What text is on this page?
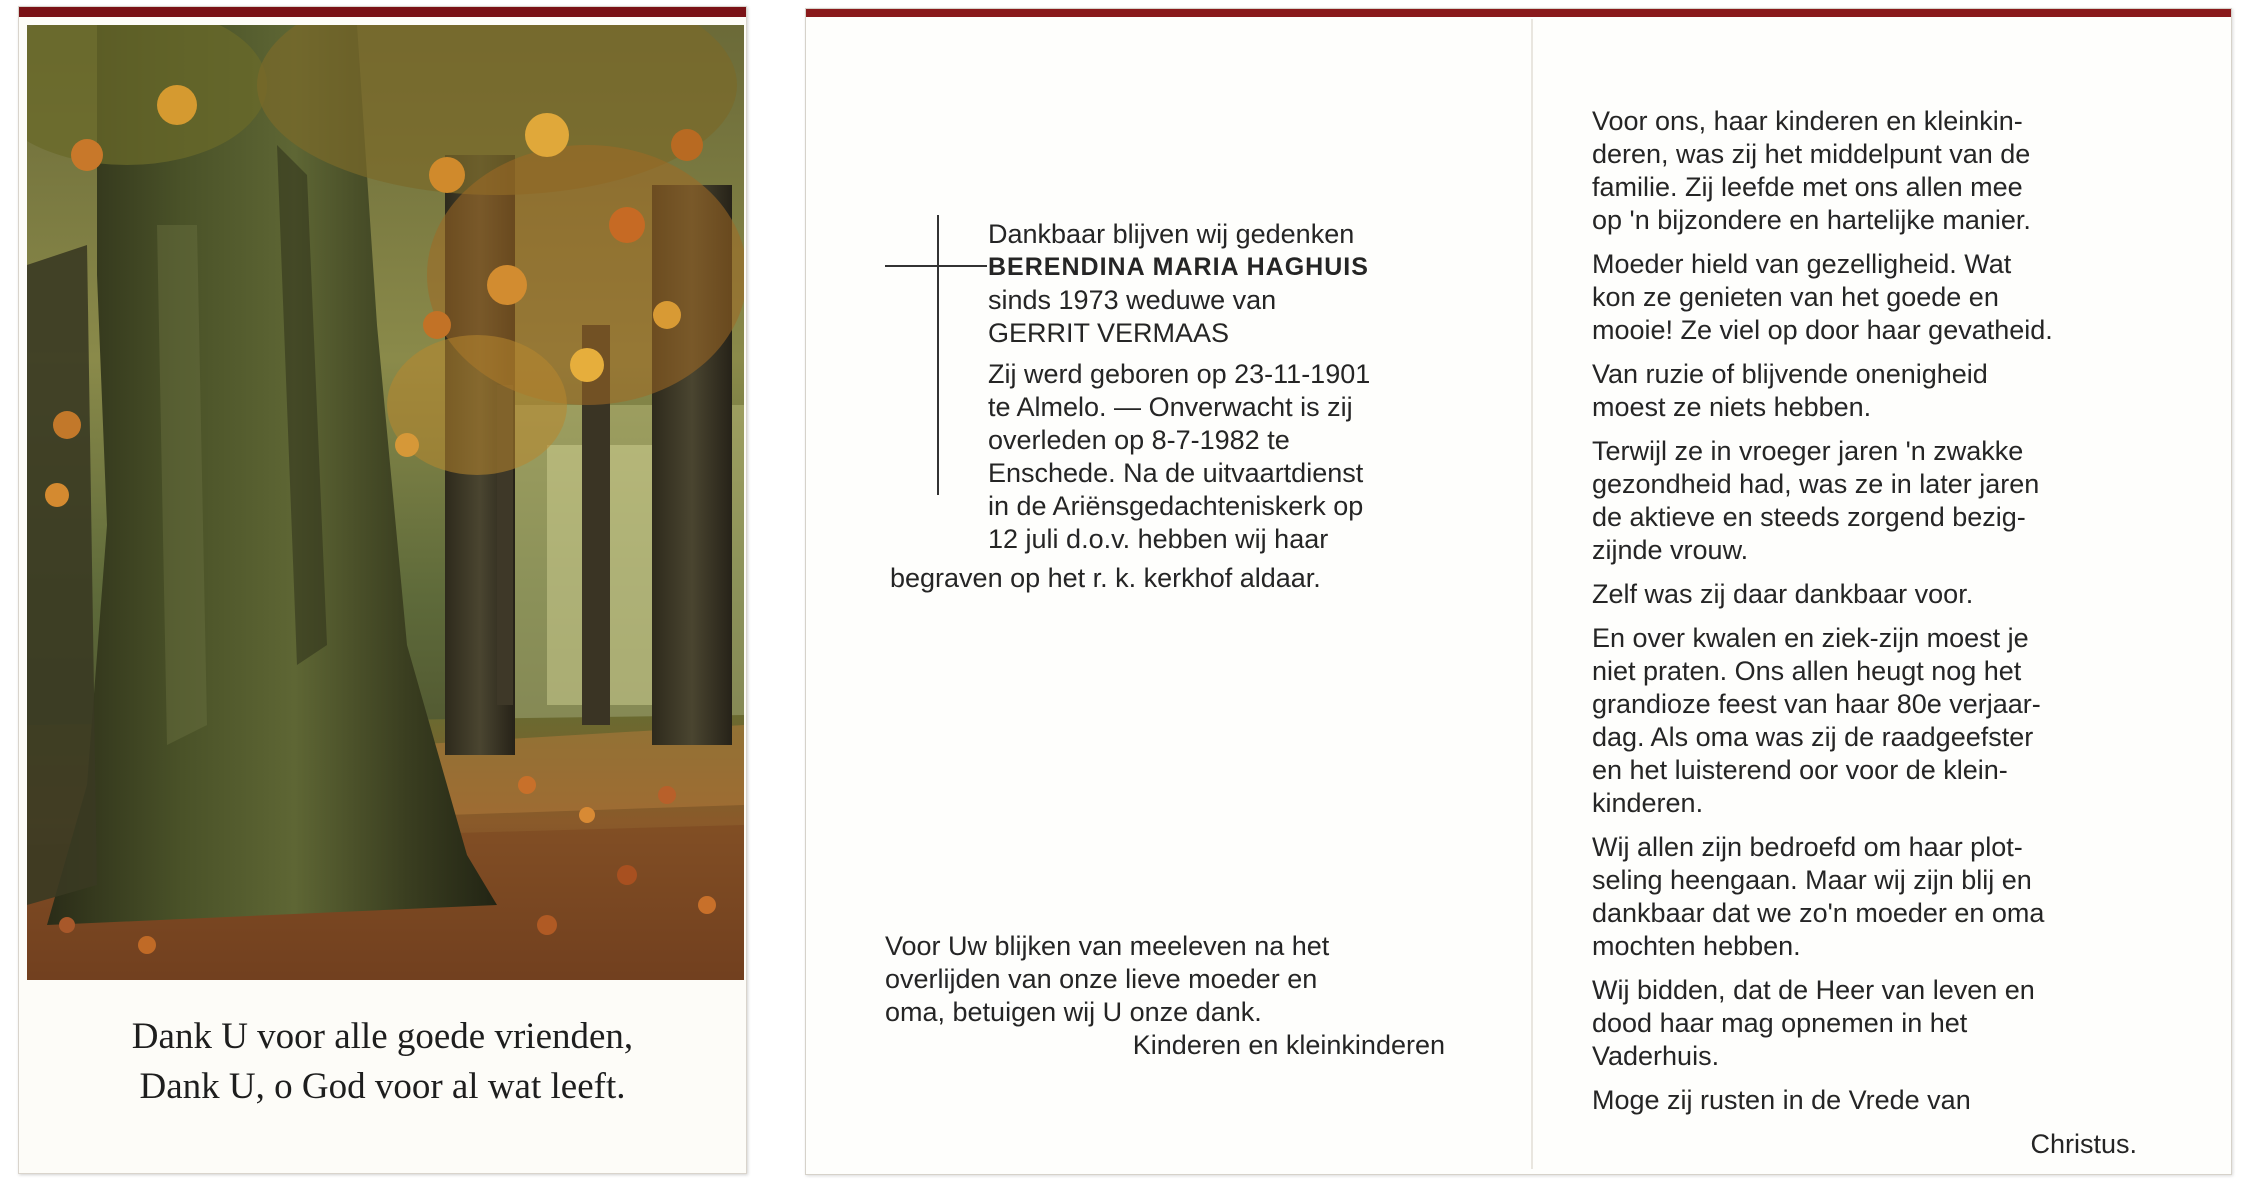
Dank U voor alle goede vrienden,
Dank U, o God voor al wat leeft.
Dankbaar blijven wij gedenken
BERENDINA MARIA HAGHUIS
sinds 1973 weduwe van
GERRIT VERMAAS
Zij werd geboren op 23-11-1901
te Almelo. — Onverwacht is zij
overleden op 8-7-1982 te
Enschede. Na de uitvaartdienst
in de Ariënsgedachteniskerk op
12 juli d.o.v. hebben wij haar
begraven op het r. k. kerkhof aldaar.
Voor Uw blijken van meeleven na het
overlijden van onze lieve moeder en
oma, betuigen wij U onze dank.
Kinderen en kleinkinderen
Voor ons, haar kinderen en kleinkin-
deren, was zij het middelpunt van de
familie. Zij leefde met ons allen mee
op 'n bijzondere en hartelijke manier.
Moeder hield van gezelligheid. Wat
kon ze genieten van het goede en
mooie! Ze viel op door haar gevatheid.
Van ruzie of blijvende onenigheid
moest ze niets hebben.
Terwijl ze in vroeger jaren 'n zwakke
gezondheid had, was ze in later jaren
de aktieve en steeds zorgend bezig-
zijnde vrouw.
Zelf was zij daar dankbaar voor.
En over kwalen en ziek-zijn moest je
niet praten. Ons allen heugt nog het
grandioze feest van haar 80e verjaar-
dag. Als oma was zij de raadgeefster
en het luisterend oor voor de klein-
kinderen.
Wij allen zijn bedroefd om haar plot-
seling heengaan. Maar wij zijn blij en
dankbaar dat we zo'n moeder en oma
mochten hebben.
Wij bidden, dat de Heer van leven en
dood haar mag opnemen in het
Vaderhuis.
Moge zij rusten in de Vrede van
Christus.
